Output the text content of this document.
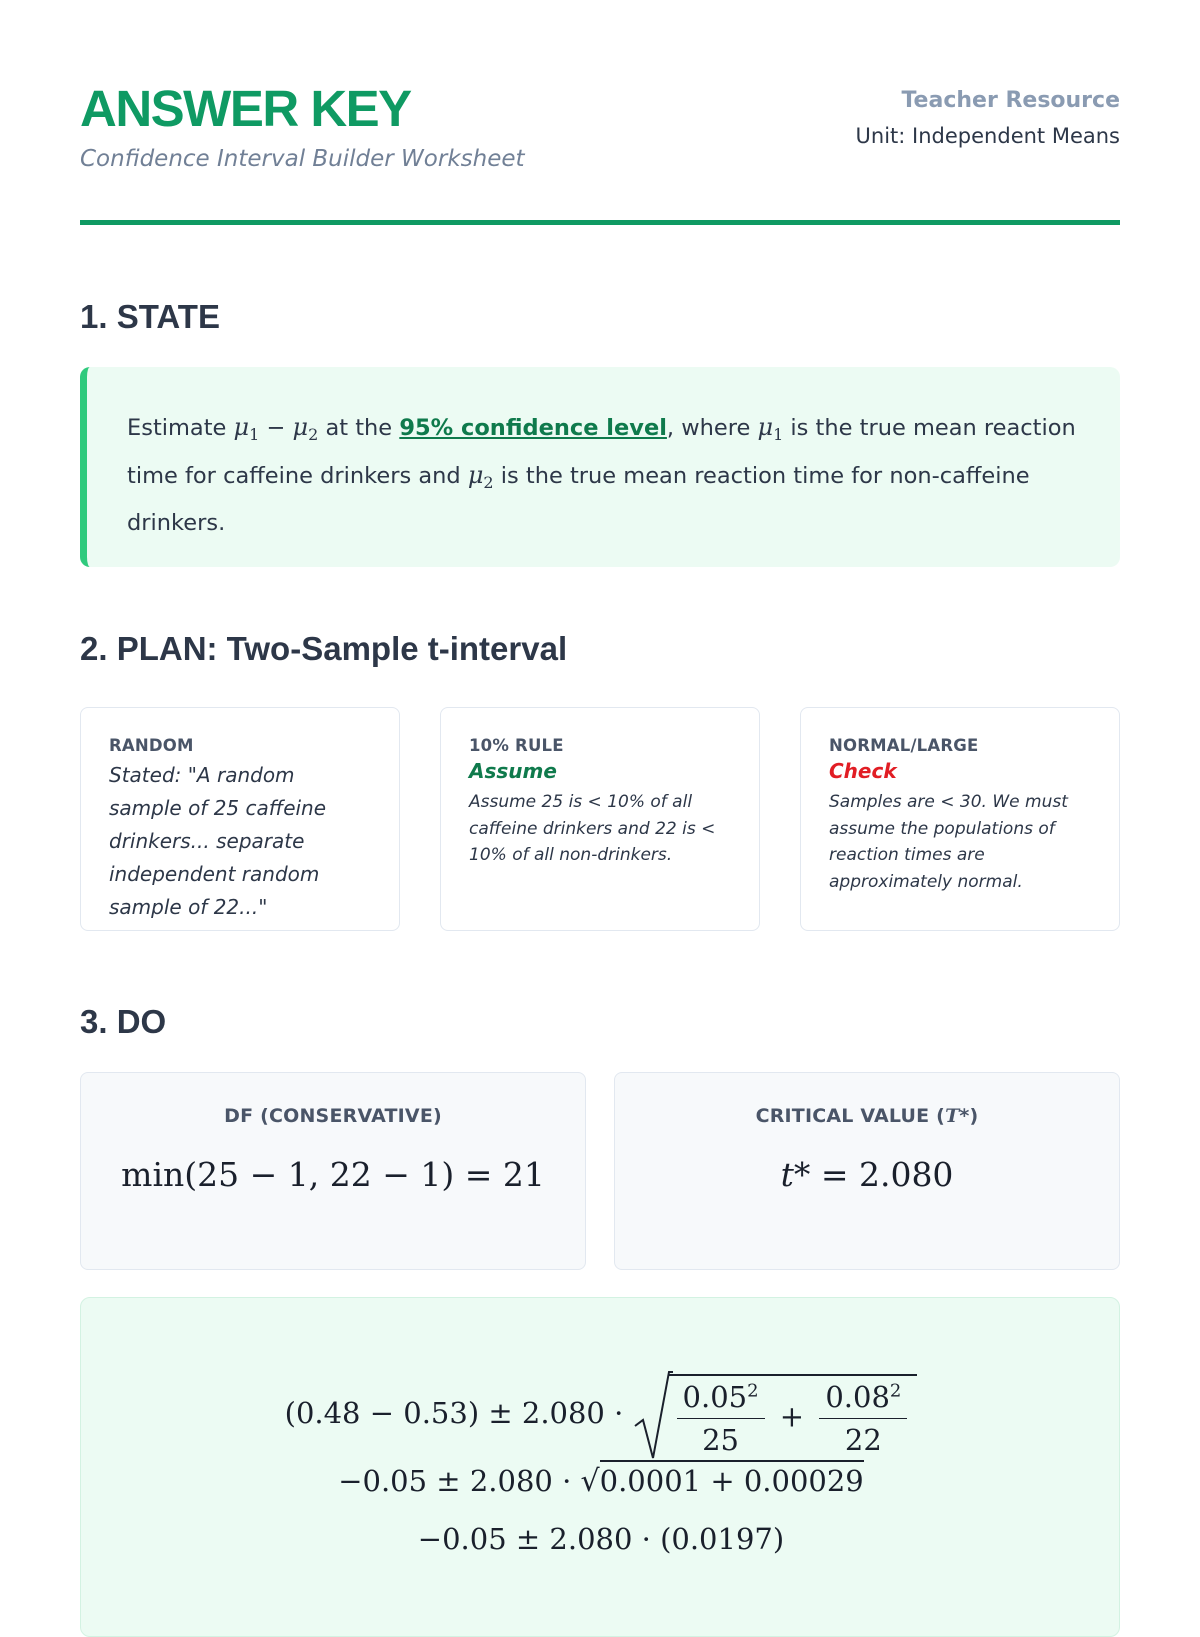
ANSWER KEY
Confidence Interval Builder Worksheet
Teacher Resource
Unit: Independent Means
1. STATE
Estimate $\mu_1 - \mu_2$ at the 95% confidence level, where $\mu_1$ is the true mean reaction time for caffeine drinkers and $\mu_2$ is the true mean reaction time for non-caffeine drinkers.
2. PLAN: Two-Sample t-interval
RANDOM
Stated: "A random sample of 25 caffeine drinkers... separate independent random sample of 22..."
10% RULE
Assume
Assume 25 is < 10% of all caffeine drinkers and 22 is < 10% of all non-drinkers.
NORMAL/LARGE
Check
Samples are < 30. We must assume the populations of reaction times are approximately normal.
3. DO
DF (CONSERVATIVE)
min(25 − 1, 22 − 1) = 21
CRITICAL VALUE (T*)
t* = 2.080
$(0.48 - 0.53) \pm 2.080 \cdot \frac{0.05^2}{25} + \frac{0.08^2}{22}$
−0.05 ± 2.080 · √0.0001 + 0.00029
−0.05 ± 2.080 · (0.0197)
